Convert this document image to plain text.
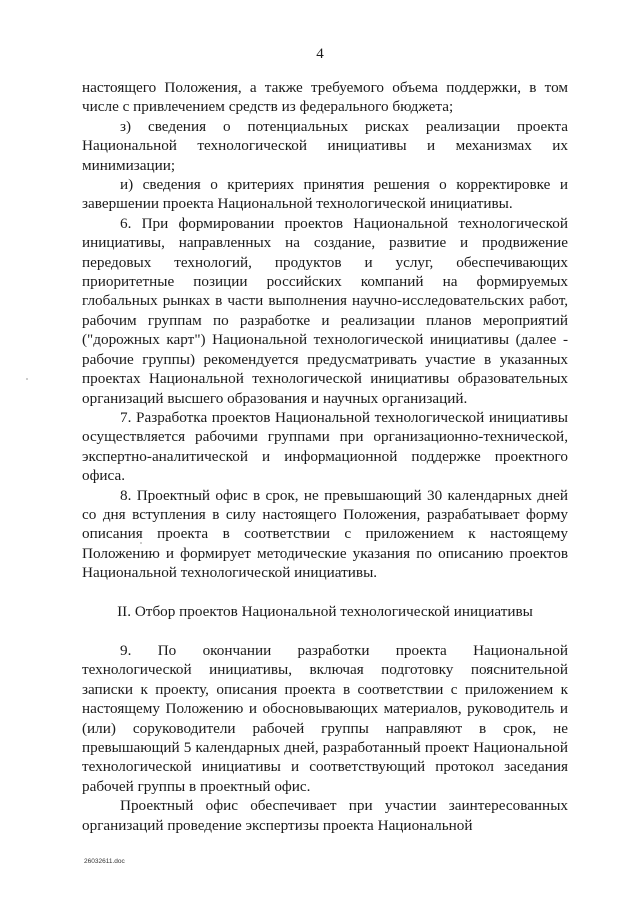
4

настоящего Положения, а также требуемого объема поддержки, в том числе с привлечением средств из федерального бюджета;

з) сведения о потенциальных рисках реализации проекта Национальной технологической инициативы и механизмах их минимизации;

и) сведения о критериях принятия решения о корректировке и завершении проекта Национальной технологической инициативы.

6. При формировании проектов Национальной технологической инициативы, направленных на создание, развитие и продвижение передовых технологий, продуктов и услуг, обеспечивающих приоритетные позиции российских компаний на формируемых глобальных рынках в части выполнения научно-исследовательских работ, рабочим группам по разработке и реализации планов мероприятий ("дорожных карт") Национальной технологической инициативы (далее - рабочие группы) рекомендуется предусматривать участие в указанных проектах Национальной технологической инициативы образовательных организаций высшего образования и научных организаций.

7. Разработка проектов Национальной технологической инициативы осуществляется рабочими группами при организационно-технической, экспертно-аналитической и информационной поддержке проектного офиса.

8. Проектный офис в срок, не превышающий 30 календарных дней со дня вступления в силу настоящего Положения, разрабатывает форму описания проекта в соответствии с приложением к настоящему Положению и формирует методические указания по описанию проектов Национальной технологической инициативы.

II. Отбор проектов Национальной технологической инициативы

9. По окончании разработки проекта Национальной технологической инициативы, включая подготовку пояснительной записки к проекту, описания проекта в соответствии с приложением к настоящему Положению и обосновывающих материалов, руководитель и (или) соруководители рабочей группы направляют в срок, не превышающий 5 календарных дней, разработанный проект Национальной технологической инициативы и соответствующий протокол заседания рабочей группы в проектный офис.

Проектный офис обеспечивает при участии заинтересованных организаций проведение экспертизы проекта Национальной

26032611.doc
